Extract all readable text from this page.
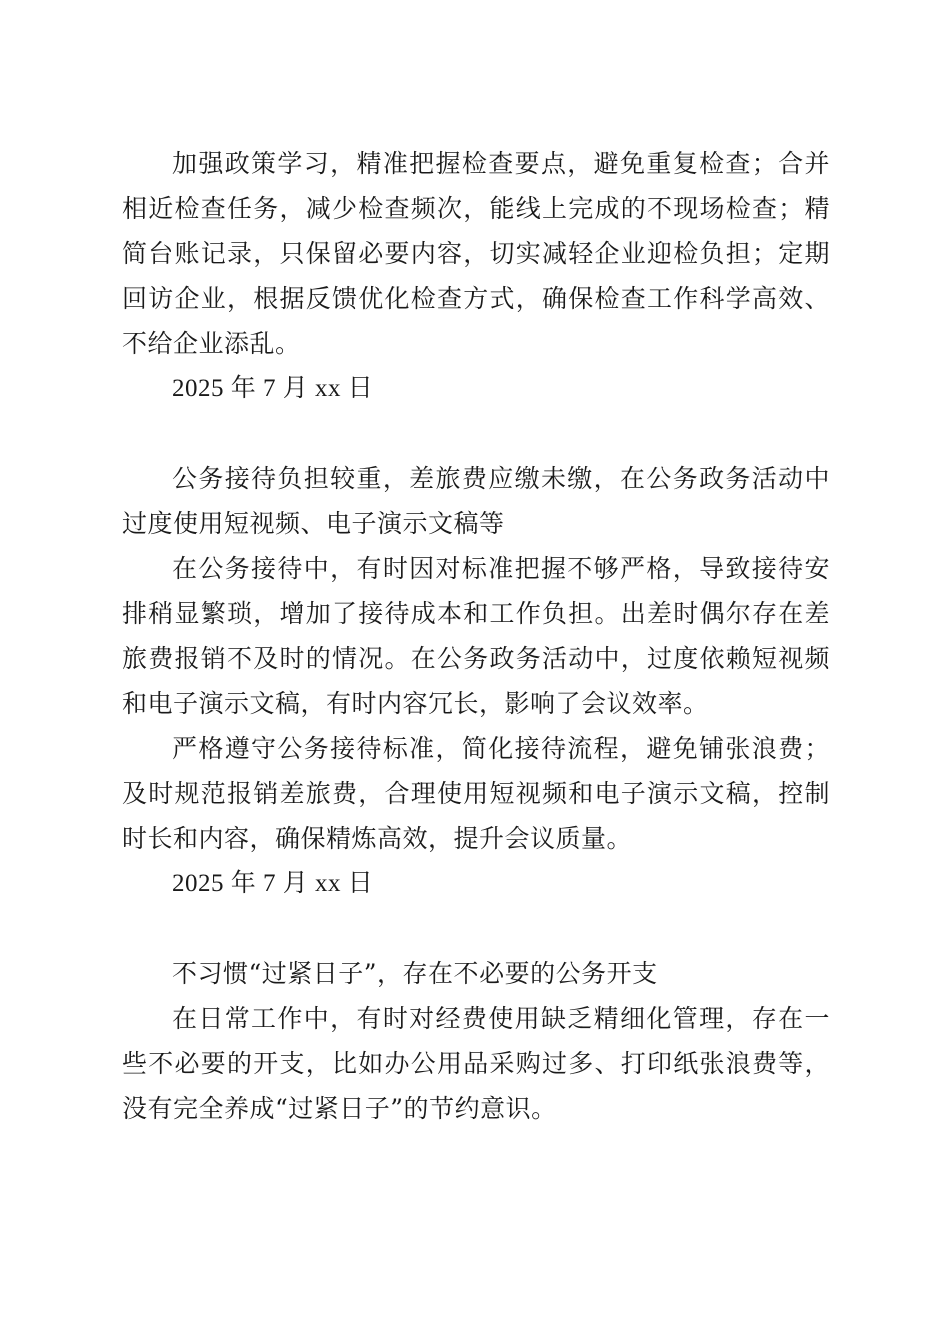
加强政策学习，精准把握检查要点，避免重复检查；合并相近检查任务，减少检查频次，能线上完成的不现场检查；精简台账记录，只保留必要内容，切实减轻企业迎检负担；定期回访企业，根据反馈优化检查方式，确保检查工作科学高效、不给企业添乱。

2025 年 7 月 xx 日

公务接待负担较重，差旅费应缴未缴，在公务政务活动中过度使用短视频、电子演示文稿等

在公务接待中，有时因对标准把握不够严格，导致接待安排稍显繁琐，增加了接待成本和工作负担。出差时偶尔存在差旅费报销不及时的情况。在公务政务活动中，过度依赖短视频和电子演示文稿，有时内容冗长，影响了会议效率。

严格遵守公务接待标准，简化接待流程，避免铺张浪费；及时规范报销差旅费，合理使用短视频和电子演示文稿，控制时长和内容，确保精炼高效，提升会议质量。

2025 年 7 月 xx 日

不习惯“过紧日子”，存在不必要的公务开支

在日常工作中，有时对经费使用缺乏精细化管理，存在一些不必要的开支，比如办公用品采购过多、打印纸张浪费等，没有完全养成“过紧日子”的节约意识。
